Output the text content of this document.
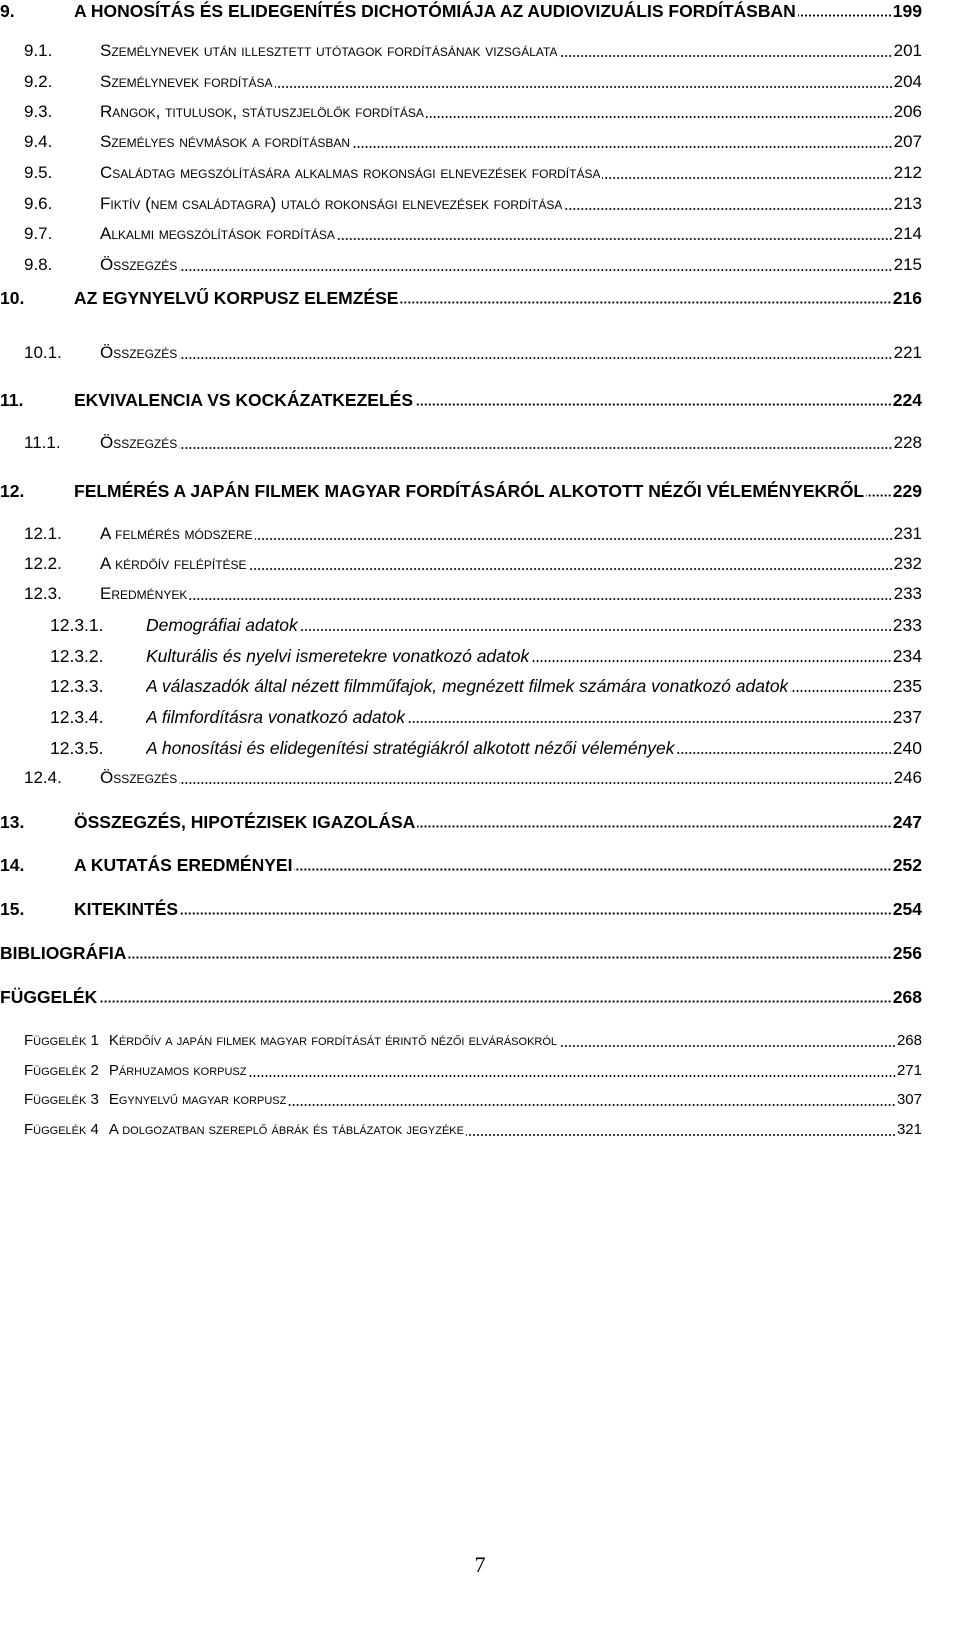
9.	A HONOSÍTÁS ÉS ELIDEGENÍTÉS DICHOTÓMIÁJA AZ AUDIOVIZUÁLIS FORDÍTÁSBAN	199
9.1.	Személynevek után illesztett utótagok fordításának vizsgálata	201
9.2.	Személynevek fordítása	204
9.3.	Rangok, titulusok, státuszjelölők fordítása	206
9.4.	Személyes névmások a fordításban	207
9.5.	Családtag megszólítására alkalmas rokonsági elnevezések fordítása	212
9.6.	Fiktív (nem családtagra) utaló rokonsági elnevezések fordítása	213
9.7.	Alkalmi megszólítások fordítása	214
9.8.	Összegzés	215
10.	AZ EGYNYELVŰ KORPUSZ ELEMZÉSE	216
10.1.	Összegzés	221
11.	EKVIVALENCIA VS KOCKÁZATKEZELÉS	224
11.1.	Összegzés	228
12.	FELMÉRÉS A JAPÁN FILMEK MAGYAR FORDÍTÁSÁRÓL ALKOTOTT NÉZŐI VÉLEMÉNYEKRŐL 229
12.1.	A felmérés módszere	231
12.2.	A kérdőív felépítése	232
12.3.	Eredmények	233
12.3.1.	Demográfiai adatok	233
12.3.2.	Kulturális és nyelvi ismeretekre vonatkozó adatok	234
12.3.3.	A válaszadók által nézett filmműfajok, megnézett filmek számára vonatkozó adatok	235
12.3.4.	A filmfordításra vonatkozó adatok	237
12.3.5.	A honosítási és elidegenítési stratégiákról alkotott nézői vélemények	240
12.4.	Összegzés	246
13.	ÖSSZEGZÉS, HIPOTÉZISEK IGAZOLÁSA	247
14.	A KUTATÁS EREDMÉNYEI	252
15.	KITEKINTÉS	254
BIBLIOGRÁFIA	256
FÜGGELÉK	268
Függelék 1 Kérdőív a japán filmek magyar fordítását érintő nézői elvárásokról	268
Függelék 2 Párhuzamos korpusz	271
Függelék 3 Egynyelvű magyar korpusz	307
Függelék 4 A dolgozatban szereplő ábrák és táblázatok jegyzéke	321
7
